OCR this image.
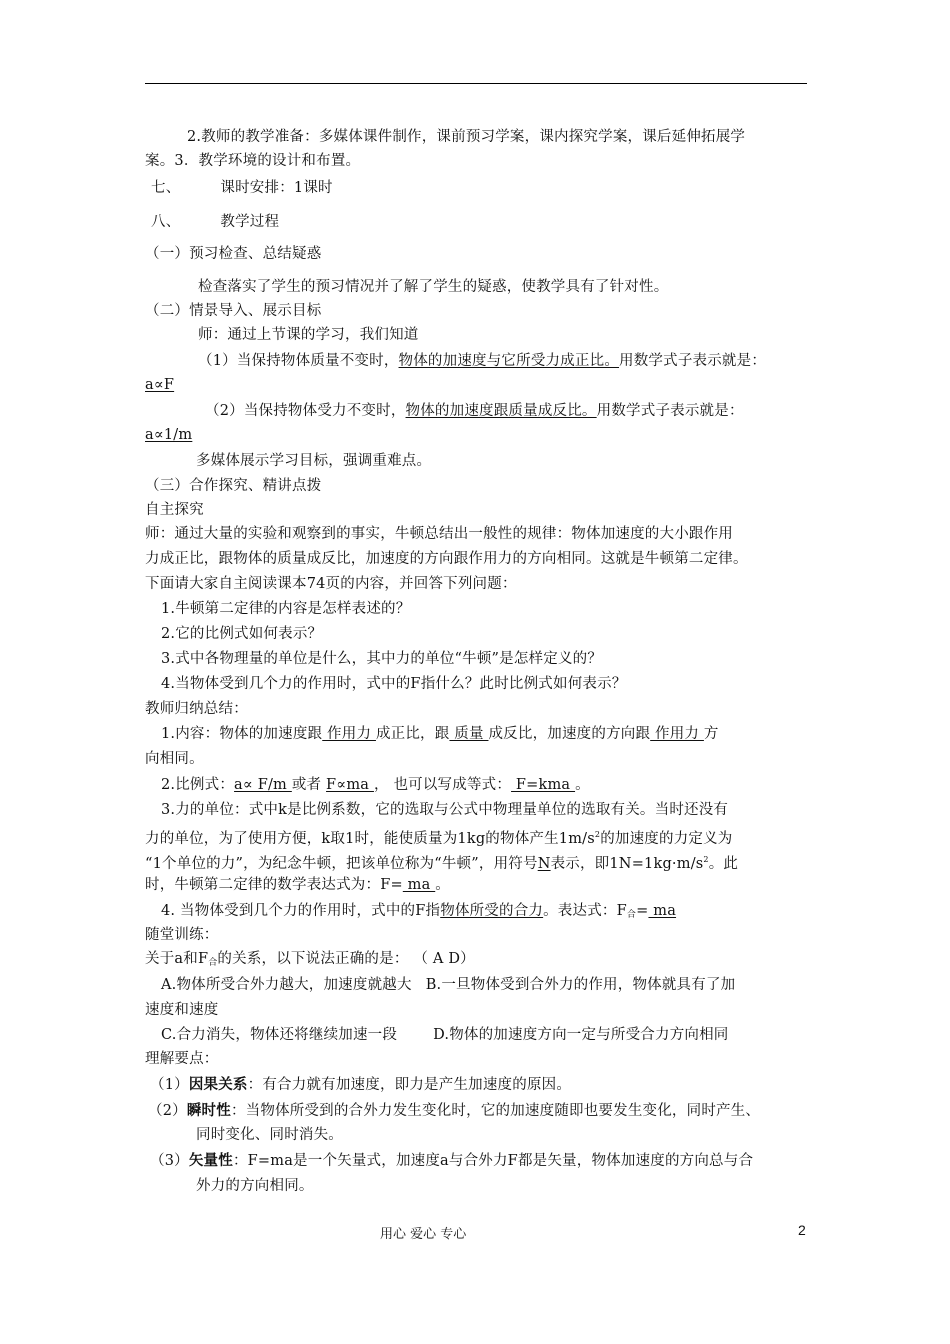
2.教师的教学准备：多媒体课件制作，课前预习学案，课内探究学案，课后延伸拓展学
案。3．教学环境的设计和布置。
七、	课时安排：1课时
八、	教学过程
（一）预习检查、总结疑惑
检查落实了学生的预习情况并了解了学生的疑惑，使教学具有了针对性。
（二）情景导入、展示目标
师：通过上节课的学习，我们知道
（1）当保持物体质量不变时，物体的加速度与它所受力成正比。用数学式子表示就是：
a∝F
（2）当保持物体受力不变时，物体的加速度跟质量成反比。用数学式子表示就是：
a∝1/m
多媒体展示学习目标，强调重难点。
（三）合作探究、精讲点拨
自主探究
师：通过大量的实验和观察到的事实，牛顿总结出一般性的规律：物体加速度的大小跟作用
力成正比，跟物体的质量成反比，加速度的方向跟作用力的方向相同。这就是牛顿第二定律。
下面请大家自主阅读课本74页的内容，并回答下列问题：
1.牛顿第二定律的内容是怎样表述的？
2.它的比例式如何表示？
3.式中各物理量的单位是什么，其中力的单位“牛顿”是怎样定义的？
4.当物体受到几个力的作用时，式中的F指什么？此时比例式如何表示？
教师归纳总结：
1.内容：物体的加速度跟 作用力 成正比，跟 质量 成反比，加速度的方向跟 作用力 方
向相同。
2.比例式：a∝ F/m 或者 F∝ma ， 也可以写成等式： F=kma 。
3.力的单位：式中k是比例系数，它的选取与公式中物理量单位的选取有关。当时还没有
力的单位，为了使用方便，k取1时，能使质量为1kg的物体产生$1m/s^2$的加速度的力定义为
“1个单位的力”，为纪念牛顿，把该单位称为“牛顿”，用符号N表示，即$1N=1kg\cdot m/s^2$。此
时，牛顿第二定律的数学表达式为：F= ma 。
4. 当物体受到几个力的作用时，式中的F指物体所受的合力。表达式：$F_合=$ ma
随堂训练：
关于a和$F_合$的关系，以下说法正确的是： （ A D）
A.物体所受合外力越大，加速度就越大 B.一旦物体受到合外力的作用，物体就具有了加
速度和速度
C.合力消失，物体还将继续加速一段 D.物体的加速度方向一定与所受合力方向相同
理解要点：
（1）因果关系：有合力就有加速度，即力是产生加速度的原因。
（2）瞬时性：当物体所受到的合外力发生变化时，它的加速度随即也要发生变化，同时产生、
同时变化、同时消失。
（3）矢量性：F=ma是一个矢量式，加速度a与合外力F都是矢量，物体加速度的方向总与合
外力的方向相同。
用心 爱心 专心	2
